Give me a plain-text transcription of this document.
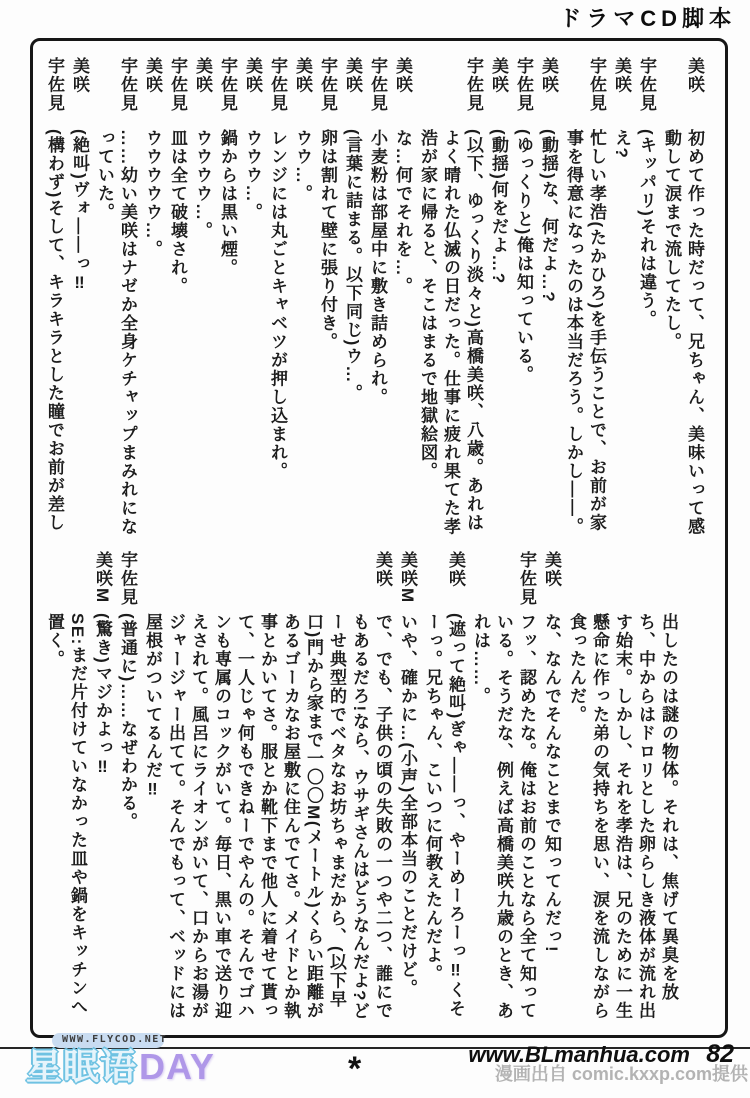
ドラマCD脚本
美咲
初めて作った時だって、兄ちゃん、美味いって感動して涙まで流してたし。
宇佐見
(キッパリ)それは違う。
美咲
え?
宇佐見
忙しい孝浩(たかひろ)を手伝うことで、お前が家事を得意になったのは本当だろう。しかし――。
美咲
(動揺)な、何だよ…?
宇佐見
(ゆっくりと)俺は知っている。
美咲
(動揺)何をだよ…?
宇佐見
(以下、ゆっくり淡々と)高橋美咲、八歳。あれはよく晴れた仏滅の日だった。仕事に疲れ果てた孝浩が家に帰ると、そこはまるで地獄絵図。
美咲
な…何でそれを…。
宇佐見
小麦粉は部屋中に敷き詰められ。
美咲
(言葉に詰まる。以下同じ)ウ…。
宇佐見
卵は割れて壁に張り付き。
美咲
ウウ…。
宇佐見
レンジには丸ごとキャベツが押し込まれ。
美咲
ウウウ…。
宇佐見
鍋からは黒い煙。
美咲
ウウウウ…。
宇佐見
皿は全て破壊され。
美咲
ウウウウウ…。
宇佐見
……幼い美咲はナゼか全身ケチャップまみれになっていた。
美咲
(絶叫)ヴォ――っ‼
宇佐見
(構わず)そして、キラキラとした瞳でお前が差し
出したのは謎の物体。それは、焦げて異臭を放ち、中からはドロリとした卵らしき液体が流れ出す始末。しかし、それを孝浩は、兄のために一生懸命に作った弟の気持ちを思い、涙を流しながら食ったんだ。
美咲
な、なんでそんなことまで知ってんだっ!
宇佐見
フッ、認めたな。俺はお前のことなら全て知っている。そうだな、例えば高橋美咲九歳のとき、あれは……。
美咲
(遮って絶叫)ぎゃ――っ、やーめーろーっ‼くそーっ。兄ちゃん、こいつに何教えたんだよ。
美咲M
いや、確かに…(小声)全部本当のことだけど。
美咲
で、でも、子供の頃の失敗の一つや二つ、誰にでもあるだろ!なら、ウサギさんはどうなんだよ?どーせ典型的でベタなお坊ちゃまだから、(以下早口)門から家まで一〇〇M(メートル)くらい距離があるゴーカなお屋敷に住んでてさ。メイドとか執事とかいてさ。服とか靴下まで他人に着せて貰って、一人じゃ何もできねーでやんの。そんでゴハンも専属のコックがいて。毎日、黒い車で送り迎えされて。風呂にライオンがいて、口からお湯がジャージャー出てて。そんでもって、ベッドには屋根がついてるんだ‼
宇佐見
(普通に)……なぜわかる。
美咲M
(驚き)マジかよっ‼
SE:まだ片付けていなかった皿や鍋をキッチンへ置く。
WWW.FLYCOD.NET
星眠语DAY	*	漫画出自 comic.kxxp.com提供
www.BLmanhua.com 82
